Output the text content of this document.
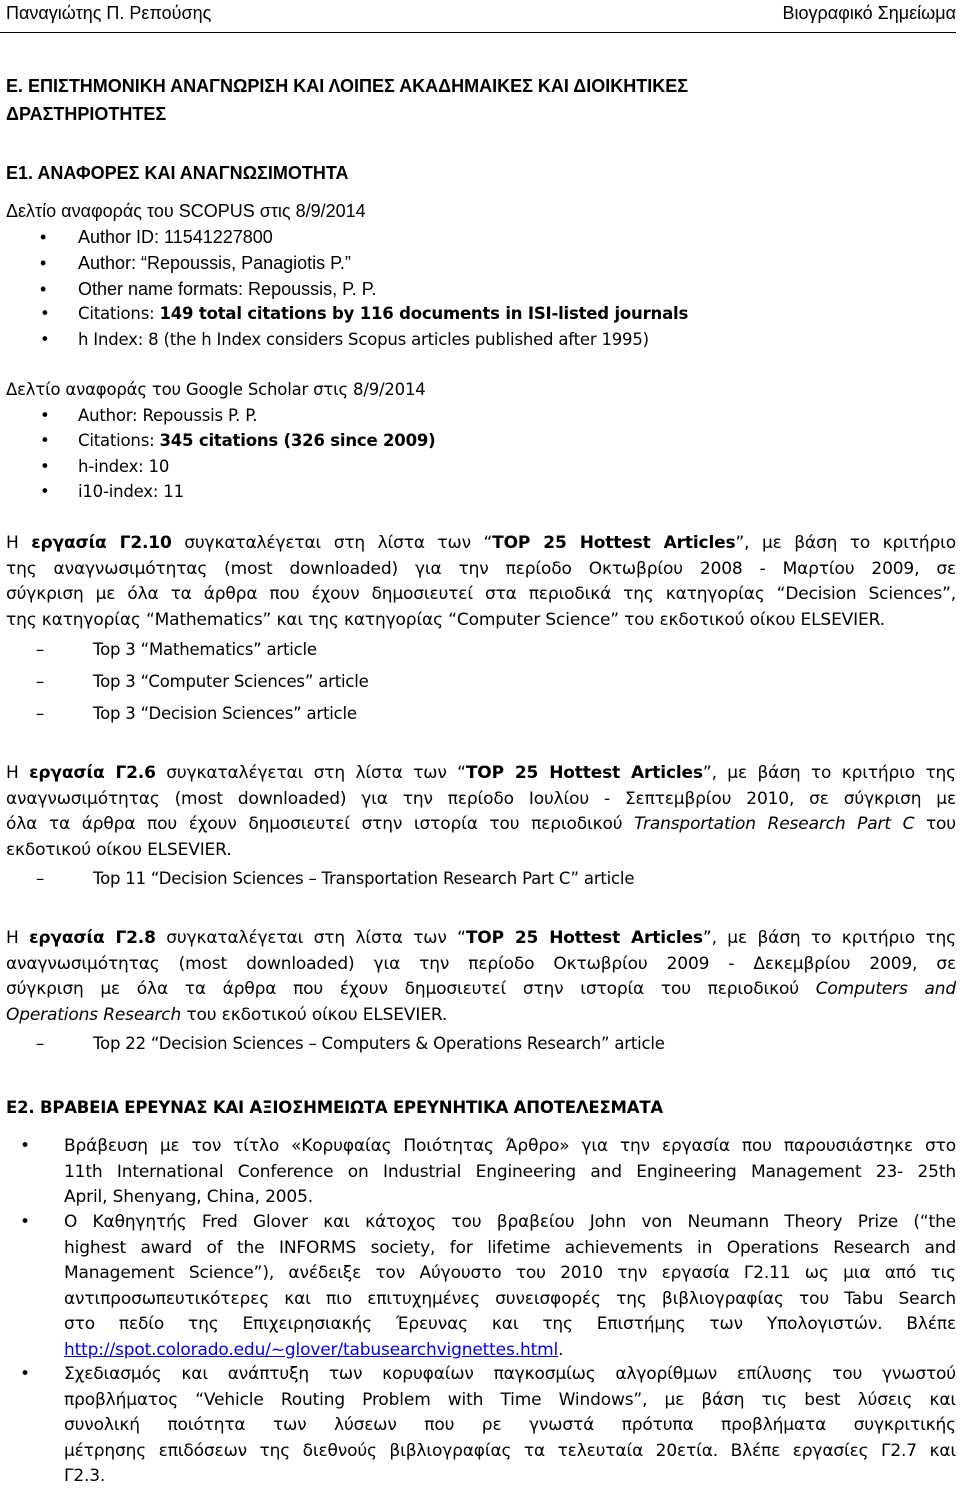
Παναγιώτης Π. Ρεπούσης	Βιογραφικό Σημείωμα
Ε. ΕΠΙΣΤΗΜΟΝΙΚΗ ΑΝΑΓΝΩΡΙΣΗ ΚΑΙ ΛΟΙΠΕΣ ΑΚΑΔΗΜΑΙΚΕΣ ΚΑΙ ΔΙΟΙΚΗΤΙΚΕΣ
ΔΡΑΣΤΗΡΙΟΤΗΤΕΣ
Ε1. ΑΝΑΦΟΡΕΣ ΚΑΙ ΑΝΑΓΝΩΣΙΜΟΤΗΤΑ
Δελτίο αναφοράς του SCOPUS στις 8/9/2014
• Author ID: 11541227800
• Author: “Repoussis, Panagiotis P.”
• Other name formats: Repoussis, P. P.
• Citations: 149 total citations by 116 documents in ISI-listed journals
• h Index: 8 (the h Index considers Scopus articles published after 1995)
Δελτίο αναφοράς του Google Scholar στις 8/9/2014
• Author: Repoussis P. P.
• Citations: 345 citations (326 since 2009)
• h-index: 10
• i10-index: 11
Η εργασία Γ2.10 συγκαταλέγεται στη λίστα των “TOP 25 Hottest Articles”, με βάση το κριτήριο
της αναγνωσιμότητας (most downloaded) για την περίοδο Οκτωβρίου 2008 - Μαρτίου 2009, σε
σύγκριση με όλα τα άρθρα που έχουν δημοσιευτεί στα περιοδικά της κατηγορίας “Decision Sciences”,
της κατηγορίας “Mathematics” και της κατηγορίας “Computer Science” του εκδοτικού οίκου ELSEVIER.
–	Top 3 “Mathematics” article
–	Top 3 “Computer Sciences” article
–	Top 3 “Decision Sciences” article
Η εργασία Γ2.6 συγκαταλέγεται στη λίστα των “TOP 25 Hottest Articles”, με βάση το κριτήριο της
αναγνωσιμότητας (most downloaded) για την περίοδο Ιουλίου - Σεπτεμβρίου 2010, σε σύγκριση με
όλα τα άρθρα που έχουν δημοσιευτεί στην ιστορία του περιοδικού Transportation Research Part C του
εκδοτικού οίκου ELSEVIER.
–	Top 11 “Decision Sciences – Transportation Research Part C” article
Η εργασία Γ2.8 συγκαταλέγεται στη λίστα των “TOP 25 Hottest Articles”, με βάση το κριτήριο της
αναγνωσιμότητας (most downloaded) για την περίοδο Οκτωβρίου 2009 - Δεκεμβρίου 2009, σε
σύγκριση με όλα τα άρθρα που έχουν δημοσιευτεί στην ιστορία του περιοδικού Computers and
Operations Research του εκδοτικού οίκου ELSEVIER.
–	Top 22 “Decision Sciences – Computers & Operations Research” article
Ε2. ΒΡΑΒΕΙΑ ΕΡΕΥΝΑΣ ΚΑΙ ΑΞΙΟΣΗΜΕΙΩΤΑ ΕΡΕΥΝΗΤΙΚΑ ΑΠΟΤΕΛΕΣΜΑΤΑ
• Βράβευση με τον τίτλο «Κορυφαίας Ποιότητας Άρθρο» για την εργασία που παρουσιάστηκε στο
11th International Conference on Industrial Engineering and Engineering Management 23- 25th
April, Shenyang, China, 2005.
• Ο Καθηγητής Fred Glover και κάτοχος του βραβείου John von Neumann Theory Prize (“the
highest award of the INFORMS society, for lifetime achievements in Operations Research and
Management Science”), ανέδειξε τον Αύγουστο του 2010 την εργασία Γ2.11 ως μια από τις
αντιπροσωπευτικότερες και πιο επιτυχημένες συνεισφορές της βιβλιογραφίας του Tabu Search
στο πεδίο της Επιχειρησιακής Έρευνας και της Επιστήμης των Υπολογιστών. Βλέπε
http://spot.colorado.edu/~glover/tabusearchvignettes.html.
• Σχεδιασμός και ανάπτυξη των κορυφαίων παγκοσμίως αλγορίθμων επίλυσης του γνωστού
προβλήματος “Vehicle Routing Problem with Time Windows”, με βάση τις best λύσεις και
συνολική ποιότητα των λύσεων που ρε γνωστά πρότυπα προβλήματα συγκριτικής
μέτρησης επιδόσεων της διεθνούς βιβλιογραφίας τα τελευταία 20ετία. Βλέπε εργασίες Γ2.7 και
Γ2.3.
